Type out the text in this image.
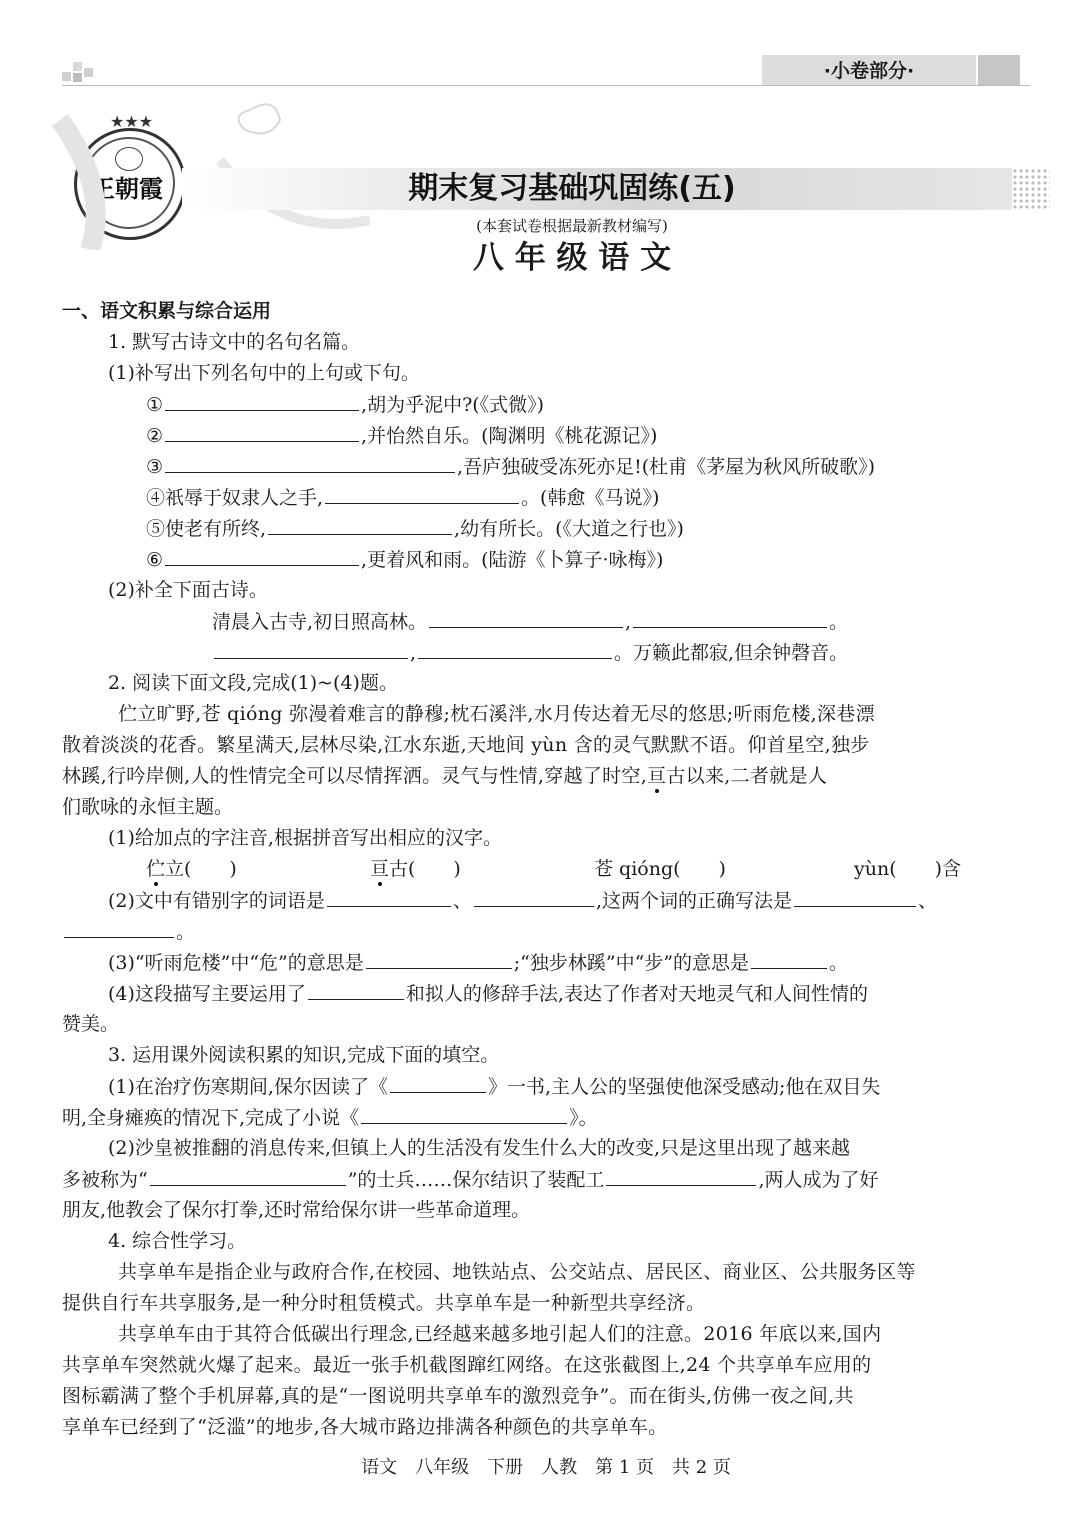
·小卷部分·
王朝霞
★★★
期末复习基础巩固练(五)
(本套试卷根据最新教材编写)
八 年 级 语 文
一、语文积累与综合运用
1. 默写古诗文中的名句名篇。
(1)补写出下列名句中的上句或下句。
①	,胡为乎泥中?(《式微》)
②	,并怡然自乐。(陶渊明《桃花源记》)
③	,吾庐独破受冻死亦足!(杜甫《茅屋为秋风所破歌》)
④祇辱于奴隶人之手,	。(韩愈《马说》)
⑤使老有所终,	,幼有所长。(《大道之行也》)
⑥	,更着风和雨。(陆游《卜算子·咏梅》)
(2)补全下面古诗。
清晨入古寺,初日照高林。	,	。
,	。万籁此都寂,但余钟磬音。
2. 阅读下面文段,完成(1)~(4)题。
伫立旷野,苍 qióng 弥漫着难言的静穆;枕石溪泮,水月传达着无尽的悠思;听雨危楼,深巷漂
散着淡淡的花香。繁星满天,层林尽染,江水东逝,天地间 yùn 含的灵气默默不语。仰首星空,独步
林蹊,行吟岸侧,人的性情完全可以尽情挥洒。灵气与性情,穿越了时空,亘古以来,二者就是人
们歌咏的永恒主题。
(1)给加点的字注音,根据拼音写出相应的汉字。
伫立(　　)	亘古(　　)	苍 qióng(　　)	yùn(　　)含
(2)文中有错别字的词语是	、	,这两个词的正确写法是	、
。
(3)“听雨危楼”中“危”的意思是	;“独步林蹊”中“步”的意思是	。
(4)这段描写主要运用了	和拟人的修辞手法,表达了作者对天地灵气和人间性情的
赞美。
3. 运用课外阅读积累的知识,完成下面的填空。
(1)在治疗伤寒期间,保尔因读了《	》一书,主人公的坚强使他深受感动;他在双目失
明,全身瘫痪的情况下,完成了小说《	》。
(2)沙皇被推翻的消息传来,但镇上人的生活没有发生什么大的改变,只是这里出现了越来越
多被称为“	”的士兵……保尔结识了装配工	,两人成为了好
朋友,他教会了保尔打拳,还时常给保尔讲一些革命道理。
4. 综合性学习。
共享单车是指企业与政府合作,在校园、地铁站点、公交站点、居民区、商业区、公共服务区等
提供自行车共享服务,是一种分时租赁模式。共享单车是一种新型共享经济。
共享单车由于其符合低碳出行理念,已经越来越多地引起人们的注意。2016 年底以来,国内
共享单车突然就火爆了起来。最近一张手机截图蹿红网络。在这张截图上,24 个共享单车应用的
图标霸满了整个手机屏幕,真的是“一图说明共享单车的激烈竞争”。而在街头,仿佛一夜之间,共
享单车已经到了“泛滥”的地步,各大城市路边排满各种颜色的共享单车。
语文　八年级　下册　人教　第 1 页　共 2 页
